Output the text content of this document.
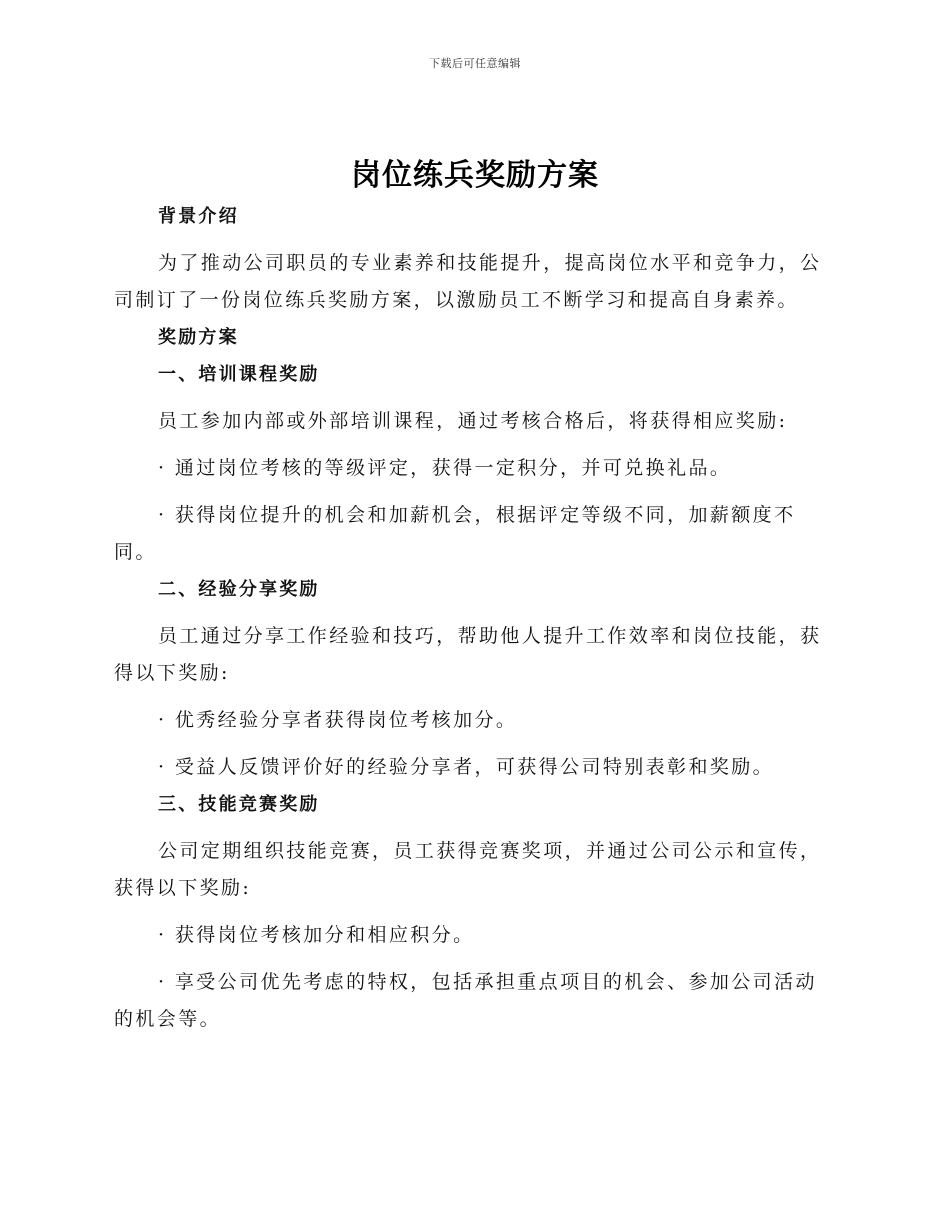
下载后可任意编辑
岗位练兵奖励方案

背景介绍

为了推动公司职员的专业素养和技能提升，提高岗位水平和竞争力，公司制订了一份岗位练兵奖励方案，以激励员工不断学习和提高自身素养。

奖励方案

一、培训课程奖励

员工参加内部或外部培训课程，通过考核合格后，将获得相应奖励:

· 通过岗位考核的等级评定，获得一定积分，并可兑换礼品。

· 获得岗位提升的机会和加薪机会，根据评定等级不同，加薪额度不同。

二、经验分享奖励

员工通过分享工作经验和技巧，帮助他人提升工作效率和岗位技能，获得以下奖励:

· 优秀经验分享者获得岗位考核加分。

· 受益人反馈评价好的经验分享者，可获得公司特别表彰和奖励。

三、技能竞赛奖励

公司定期组织技能竞赛，员工获得竞赛奖项，并通过公司公示和宣传，获得以下奖励:

· 获得岗位考核加分和相应积分。

· 享受公司优先考虑的特权，包括承担重点项目的机会、参加公司活动的机会等。
